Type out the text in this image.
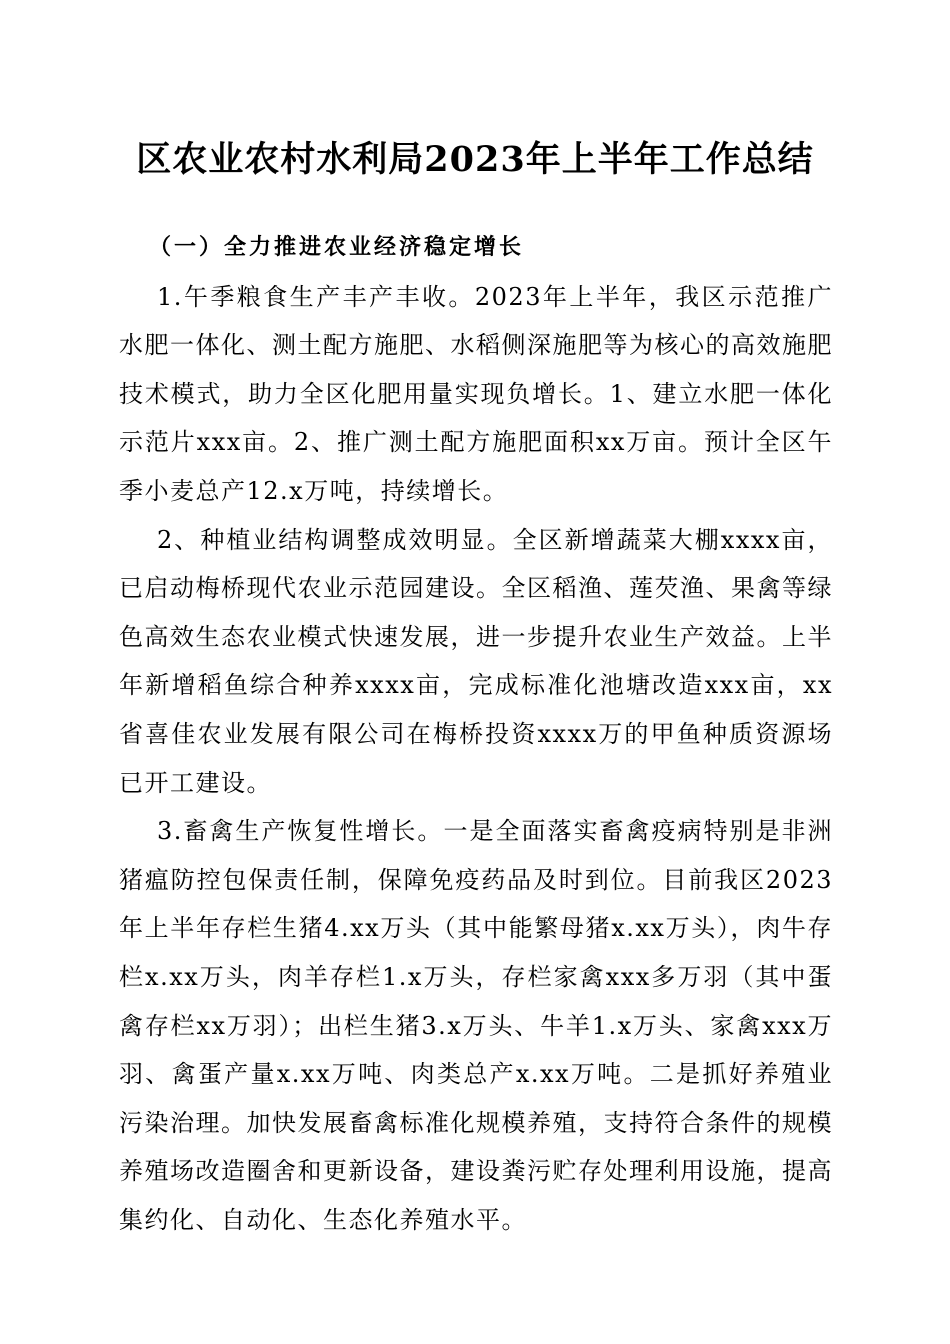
区农业农村水利局2023年上半年工作总结

（一）全力推进农业经济稳定增长

1.午季粮食生产丰产丰收。2023年上半年，我区示范推广水肥一体化、测土配方施肥、水稻侧深施肥等为核心的高效施肥技术模式，助力全区化肥用量实现负增长。1、建立水肥一体化示范片xxx亩。2、推广测土配方施肥面积xx万亩。预计全区午季小麦总产12.x万吨，持续增长。

2、种植业结构调整成效明显。全区新增蔬菜大棚xxxx亩，已启动梅桥现代农业示范园建设。全区稻渔、莲芡渔、果禽等绿色高效生态农业模式快速发展，进一步提升农业生产效益。上半年新增稻鱼综合种养xxxx亩，完成标准化池塘改造xxx亩，xx省喜佳农业发展有限公司在梅桥投资xxxx万的甲鱼种质资源场已开工建设。

3.畜禽生产恢复性增长。一是全面落实畜禽疫病特别是非洲猪瘟防控包保责任制，保障免疫药品及时到位。目前我区2023年上半年存栏生猪4.xx万头（其中能繁母猪x.xx万头），肉牛存栏x.xx万头，肉羊存栏1.x万头，存栏家禽xxx多万羽（其中蛋禽存栏xx万羽）；出栏生猪3.x万头、牛羊1.x万头、家禽xxx万羽、禽蛋产量x.xx万吨、肉类总产x.xx万吨。二是抓好养殖业污染治理。加快发展畜禽标准化规模养殖，支持符合条件的规模养殖场改造圈舍和更新设备，建设粪污贮存处理利用设施，提高集约化、自动化、生态化养殖水平。
